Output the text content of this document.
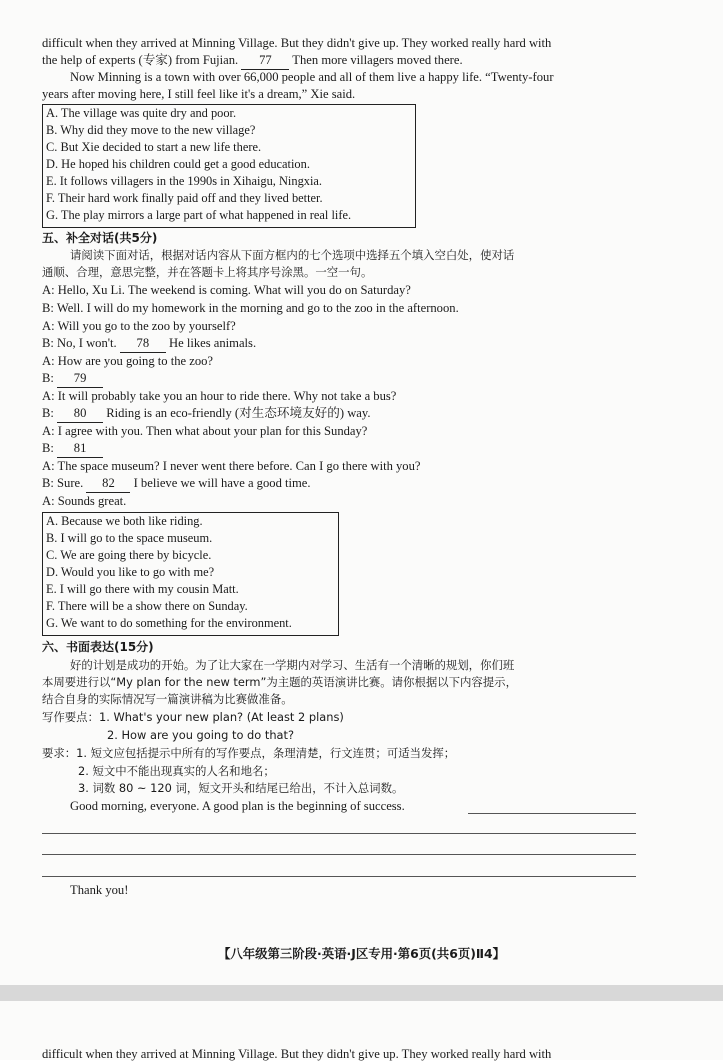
difficult when they arrived at Minning Village. But they didn't give up. They worked really hard with
the help of experts (专家) from Fujian. 77 Then more villagers moved there.
Now Minning is a town with over 66,000 people and all of them live a happy life. “Twenty-four
years after moving here, I still feel like it's a dream,” Xie said.
A. The village was quite dry and poor.
B. Why did they move to the new village?
C. But Xie decided to start a new life there.
D. He hoped his children could get a good education.
E. It follows villagers in the 1990s in Xihaigu, Ningxia.
F. Their hard work finally paid off and they lived better.
G. The play mirrors a large part of what happened in real life.
五、补全对话(共5分)
请阅读下面对话，根据对话内容从下面方框内的七个选项中选择五个填入空白处，使对话
通顺、合理，意思完整，并在答题卡上将其序号涂黑。一空一句。
A: Hello, Xu Li. The weekend is coming. What will you do on Saturday?
B: Well. I will do my homework in the morning and go to the zoo in the afternoon.
A: Will you go to the zoo by yourself?
B: No, I won't. 78 He likes animals.
A: How are you going to the zoo?
B: 79
A: It will probably take you an hour to ride there. Why not take a bus?
B: 80 Riding is an eco-friendly (对生态环境友好的) way.
A: I agree with you. Then what about your plan for this Sunday?
B: 81
A: The space museum? I never went there before. Can I go there with you?
B: Sure. 82 I believe we will have a good time.
A: Sounds great.
A. Because we both like riding.
B. I will go to the space museum.
C. We are going there by bicycle.
D. Would you like to go with me?
E. I will go there with my cousin Matt.
F. There will be a show there on Sunday.
G. We want to do something for the environment.
六、书面表达(15分)
好的计划是成功的开始。为了让大家在一学期内对学习、生活有一个清晰的规划，你们班
本周要进行以“My plan for the new term”为主题的英语演讲比赛。请你根据以下内容提示，
结合自身的实际情况写一篇演讲稿为比赛做准备。
写作要点：1. What's your new plan? (At least 2 plans)
2. How are you going to do that?
要求：1. 短文应包括提示中所有的写作要点，条理清楚，行文连贯；可适当发挥；
2. 短文中不能出现真实的人名和地名；
3. 词数 80 ~ 120 词，短文开头和结尾已给出，不计入总词数。
Good morning, everyone. A good plan is the beginning of success.
Thank you!
【八年级第三阶段·英语·J区专用·第6页(共6页)Ⅱ4】
difficult when they arrived at Minning Village. But they didn't give up. They worked really hard with
